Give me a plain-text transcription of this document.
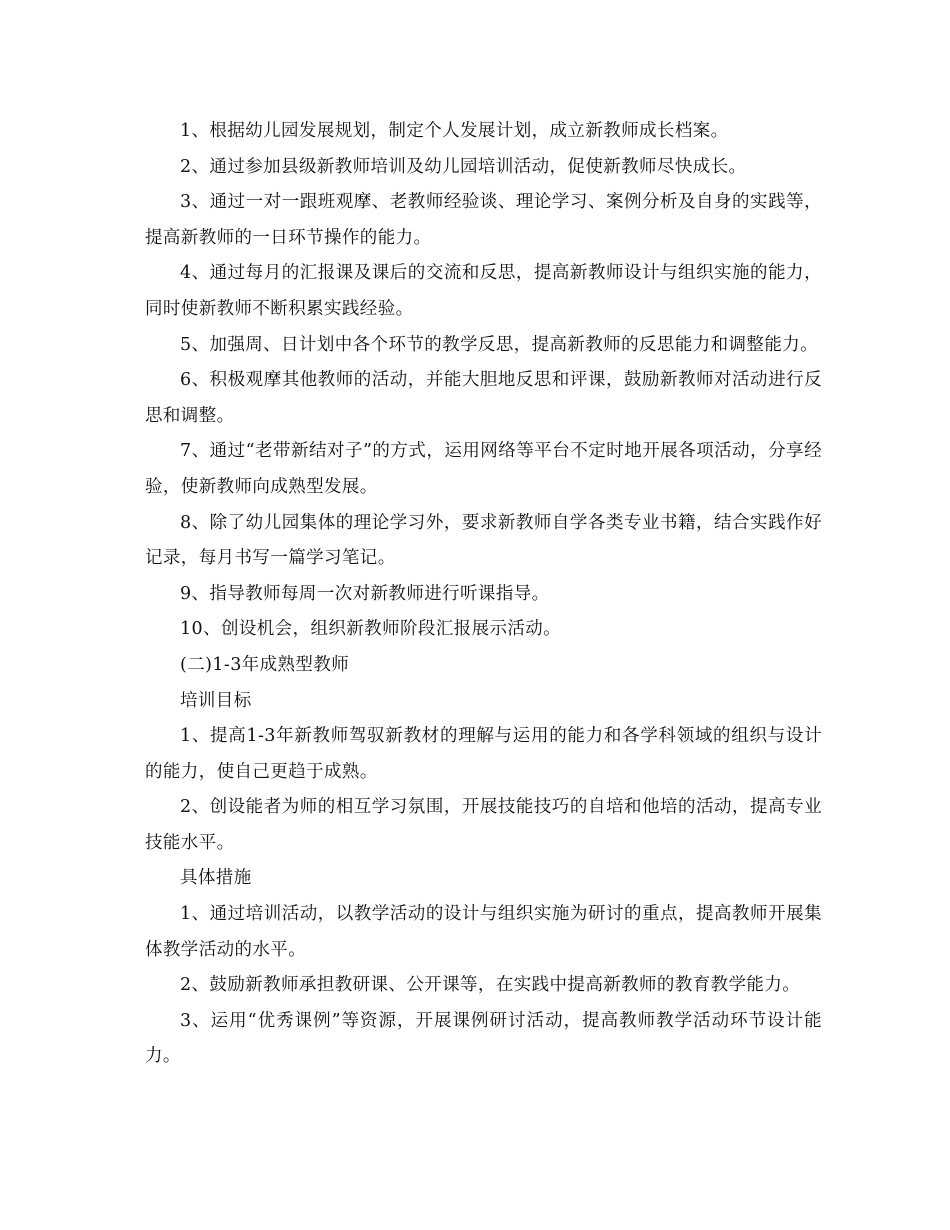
1、根据幼儿园发展规划，制定个人发展计划，成立新教师成长档案。

2、通过参加县级新教师培训及幼儿园培训活动，促使新教师尽快成长。

3、通过一对一跟班观摩、老教师经验谈、理论学习、案例分析及自身的实践等，提高新教师的一日环节操作的能力。

4、通过每月的汇报课及课后的交流和反思，提高新教师设计与组织实施的能力，同时使新教师不断积累实践经验。

5、加强周、日计划中各个环节的教学反思，提高新教师的反思能力和调整能力。

6、积极观摩其他教师的活动，并能大胆地反思和评课，鼓励新教师对活动进行反思和调整。

7、通过“老带新结对子”的方式，运用网络等平台不定时地开展各项活动，分享经验，使新教师向成熟型发展。

8、除了幼儿园集体的理论学习外，要求新教师自学各类专业书籍，结合实践作好记录，每月书写一篇学习笔记。

9、指导教师每周一次对新教师进行听课指导。

10、创设机会，组织新教师阶段汇报展示活动。

(二)1-3年成熟型教师

培训目标

1、提高1-3年新教师驾驭新教材的理解与运用的能力和各学科领域的组织与设计的能力，使自己更趋于成熟。

2、创设能者为师的相互学习氛围，开展技能技巧的自培和他培的活动，提高专业技能水平。

具体措施

1、通过培训活动，以教学活动的设计与组织实施为研讨的重点，提高教师开展集体教学活动的水平。

2、鼓励新教师承担教研课、公开课等，在实践中提高新教师的教育教学能力。

3、运用“优秀课例”等资源，开展课例研讨活动，提高教师教学活动环节设计能力。
